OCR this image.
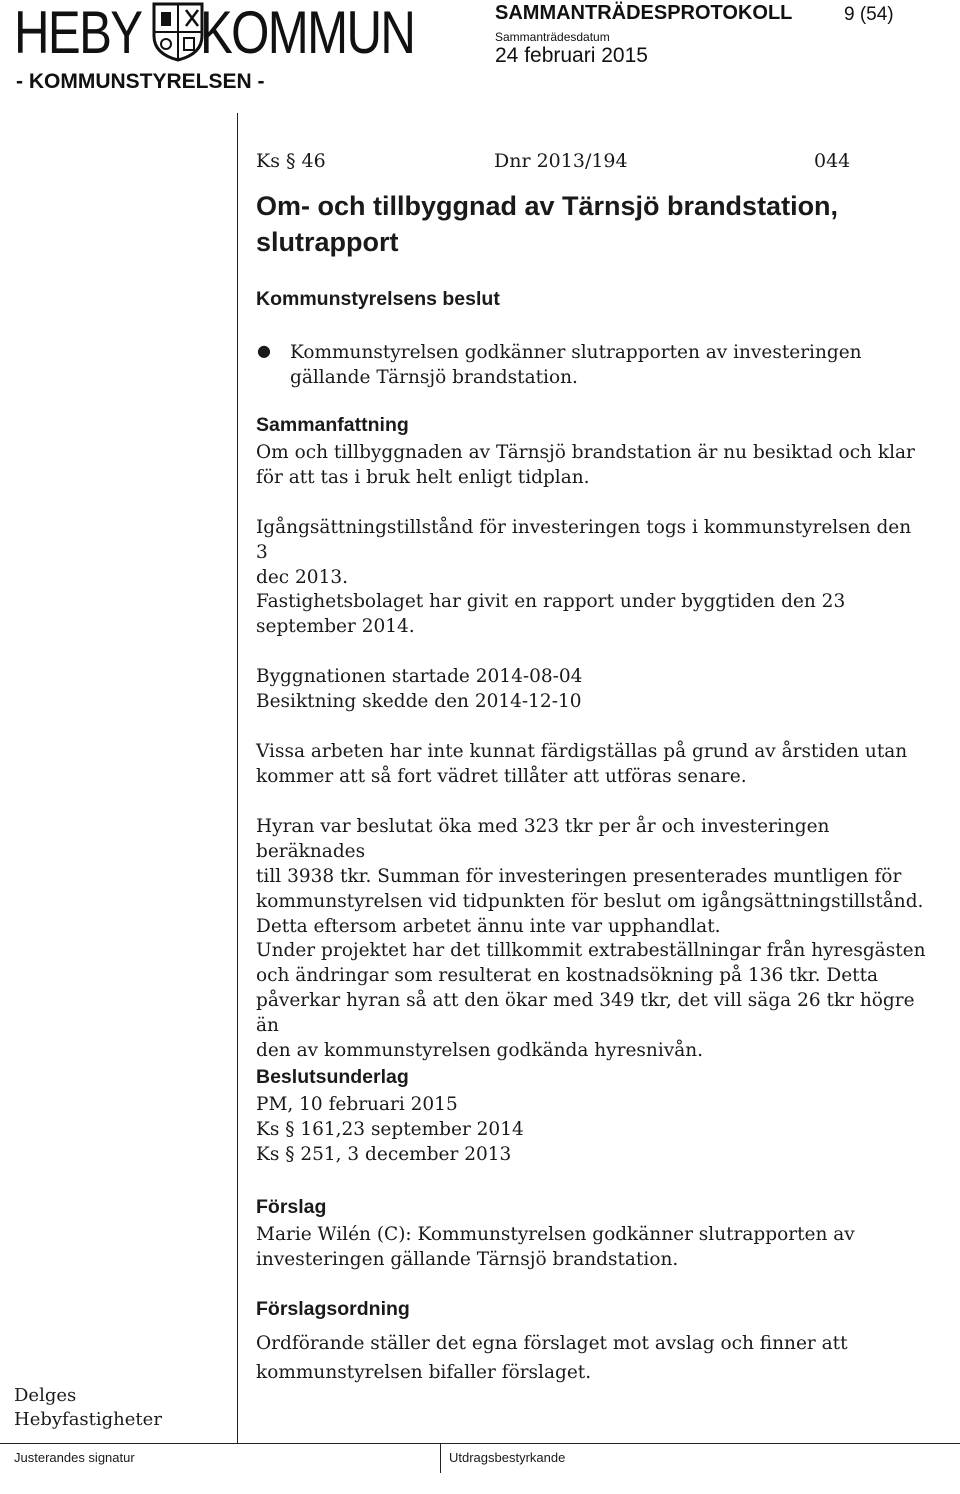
HEBY KOMMUN
- KOMMUNSTYRELSEN -
SAMMANTRÄDESPROTOKOLL	9 (54)
Sammanträdesdatum
24 februari 2015
Ks § 46	Dnr 2013/194	044
Om- och tillbyggnad av Tärnsjö brandstation, slutrapport
Kommunstyrelsens beslut
● Kommunstyrelsen godkänner slutrapporten av investeringen gällande Tärnsjö brandstation.
Sammanfattning
Om och tillbyggnaden av Tärnsjö brandstation är nu besiktad och klar
för att tas i bruk helt enligt tidplan.
Igångsättningstillstånd för investeringen togs i kommunstyrelsen den 3
dec 2013.
Fastighetsbolaget har givit en rapport under byggtiden den 23
september 2014.
Byggnationen startade 2014-08-04
Besiktning skedde den 2014-12-10
Vissa arbeten har inte kunnat färdigställas på grund av årstiden utan
kommer att så fort vädret tillåter att utföras senare.
Hyran var beslutat öka med 323 tkr per år och investeringen beräknades
till 3938 tkr. Summan för investeringen presenterades muntligen för
kommunstyrelsen vid tidpunkten för beslut om igångsättningstillstånd.
Detta eftersom arbetet ännu inte var upphandlat.
Under projektet har det tillkommit extrabeställningar från hyresgästen
och ändringar som resulterat en kostnadsökning på 136 tkr. Detta
påverkar hyran så att den ökar med 349 tkr, det vill säga 26 tkr högre än
den av kommunstyrelsen godkända hyresnivån.
Beslutsunderlag
PM, 10 februari 2015
Ks § 161,23 september 2014
Ks § 251, 3 december 2013
Förslag
Marie Wilén (C): Kommunstyrelsen godkänner slutrapporten av
investeringen gällande Tärnsjö brandstation.
Förslagsordning
Ordförande ställer det egna förslaget mot avslag och finner att
kommunstyrelsen bifaller förslaget.
Delges
Hebyfastigheter
Justerandes signatur	Utdragsbestyrkande
